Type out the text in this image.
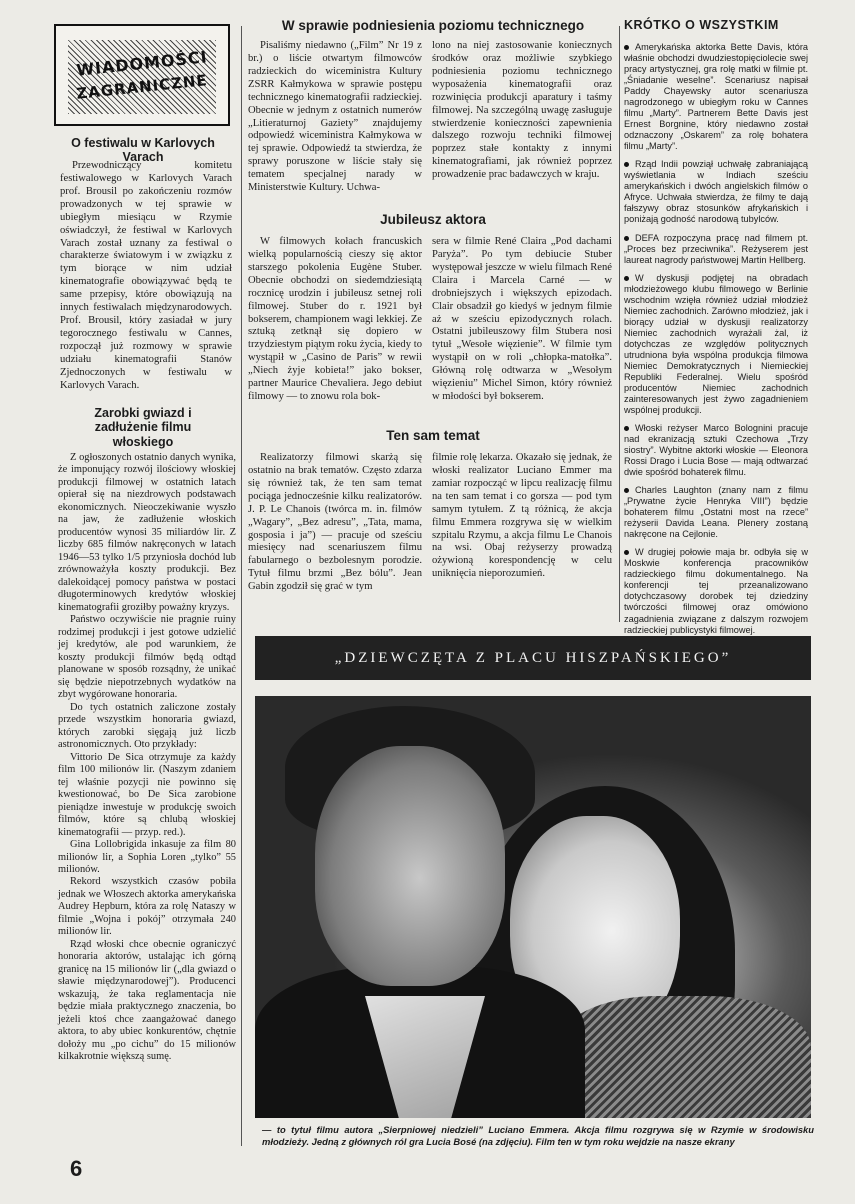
WIADOMOŚCI
ZAGRANICZNE
O festiwalu w Karlovych Varach

Przewodniczący komitetu festiwalowego w Karlovych Varach prof. Brousil po zakończeniu rozmów prowadzonych w tej sprawie w ubiegłym miesiącu w Rzymie oświadczył, że festiwal w Karlovych Varach został uznany za festiwal o charakterze światowym i w związku z tym biorące w nim udział kinematografie obowiązywać będą te same przepisy, które obowiązują na innych festiwalach międzynarodowych. Prof. Brousil, który zasiadał w jury tegorocznego festiwalu w Cannes, rozpoczął już rozmowy w sprawie udziału kinematografii Stanów Zjednoczonych w festiwalu w Karlovych Varach.

Zarobki gwiazd i zadłużenie filmu włoskiego

Z ogłoszonych ostatnio danych wynika, że imponujący rozwój ilościowy włoskiej produkcji filmowej w ostatnich latach opierał się na niezdrowych podstawach ekonomicznych. Nieoczekiwanie wyszło na jaw, że zadłużenie włoskich producentów wynosi 35 miliardów lir. Z liczby 685 filmów nakręconych w latach 1946—53 tylko 1/5 przyniosła dochód lub zrównoważyła koszty produkcji. Bez dalekoidącej pomocy państwa w postaci długoterminowych kredytów włoskiej kinematografii groziłby poważny kryzys.

Państwo oczywiście nie pragnie ruiny rodzimej produkcji i jest gotowe udzielić jej kredytów, ale pod warunkiem, że koszty produkcji filmów będą odtąd planowane w sposób rozsądny, że unikać się będzie niepotrzebnych wydatków na zbyt wygórowane honoraria.

Do tych ostatnich zaliczone zostały przede wszystkim honoraria gwiazd, których zarobki sięgają już liczb astronomicznych. Oto przykłady:

Vittorio De Sica otrzymuje za każdy film 100 milionów lir. (Naszym zdaniem tej właśnie pozycji nie powinno się kwestionować, bo De Sica zarobione pieniądze inwestuje w produkcję swoich filmów, które są chlubą włoskiej kinematografii — przyp. red.).

Gina Lollobrigida inkasuje za film 80 milionów lir, a Sophia Loren „tylko” 55 milionów.

Rekord wszystkich czasów pobiła jednak we Włoszech aktorka amerykańska Audrey Hepburn, która za rolę Nataszy w filmie „Wojna i pokój” otrzymała 240 milionów lir.

Rząd włoski chce obecnie ograniczyć honoraria aktorów, ustalając ich górną granicę na 15 milionów lir („dla gwiazd o sławie międzynarodowej”). Producenci wskazują, że taka reglamentacja nie będzie miała praktycznego znaczenia, bo jeżeli ktoś chce zaangażować danego aktora, to aby ubiec konkurentów, chętnie dołoży mu „po cichu” do 15 milionów kilkakrotnie większą sumę.

W sprawie podniesienia poziomu technicznego

Pisaliśmy niedawno („Film” Nr 19 z br.) o liście otwartym filmowców radzieckich do wiceministra Kultury ZSRR Kałmykowa w sprawie postępu technicznego kinematografii radzieckiej. Obecnie w jednym z ostatnich numerów „Litieraturnoj Gaziety” znajdujemy odpowiedź wiceministra Kałmykowa w tej sprawie. Odpowiedź ta stwierdza, że sprawy poruszone w liście stały się tematem specjalnej narady w Ministerstwie Kultury. Uchwa-

lono na niej zastosowanie koniecznych środków oraz możliwie szybkiego podniesienia poziomu technicznego wyposażenia kinematografii oraz rozwinięcia produkcji aparatury i taśmy filmowej. Na szczególną uwagę zasługuje stwierdzenie konieczności zapewnienia dalszego rozwoju techniki filmowej poprzez stałe kontakty z innymi kinematografiami, jak również poprzez prowadzenie prac badawczych w kraju.

Jubileusz aktora

W filmowych kołach francuskich wielką popularnością cieszy się aktor starszego pokolenia Eugène Stuber. Obecnie obchodzi on siedemdziesiątą rocznicę urodzin i jubileusz setnej roli filmowej. Stuber do r. 1921 był bokserem, championem wagi lekkiej. Ze sztuką zetknął się dopiero w trzydziestym piątym roku życia, kiedy to wystąpił w „Casino de Paris” w rewii „Niech żyje kobieta!” jako bokser, partner Maurice Chevaliera. Jego debiut filmowy — to znowu rola bok-

sera w filmie René Claira „Pod dachami Paryża”. Po tym debiucie Stuber występował jeszcze w wielu filmach René Claira i Marcela Carné — w drobniejszych i większych epizodach. Clair obsadził go kiedyś w jednym filmie aż w sześciu epizodycznych rolach. Ostatni jubileuszowy film Stubera nosi tytuł „Wesołe więzienie”. W filmie tym wystąpił on w roli „chłopka-matołka”. Główną rolę odtwarza w „Wesołym więzieniu” Michel Simon, który również w młodości był bokserem.

Ten sam temat

Realizatorzy filmowi skarżą się ostatnio na brak tematów. Często zdarza się również tak, że ten sam temat pociąga jednocześnie kilku realizatorów. J. P. Le Chanois (twórca m. in. filmów „Wagary”, „Bez adresu”, „Tata, mama, gosposia i ja”) — pracuje od sześciu miesięcy nad scenariuszem filmu fabularnego o bezbolesnym porodzie. Tytuł filmu brzmi „Bez bólu”. Jean Gabin zgodził się grać w tym

filmie rolę lekarza. Okazało się jednak, że włoski realizator Luciano Emmer ma zamiar rozpocząć w lipcu realizację filmu na ten sam temat i co gorsza — pod tym samym tytułem. Z tą różnicą, że akcja filmu Emmera rozgrywa się w wielkim szpitalu Rzymu, a akcja filmu Le Chanois na wsi. Obaj reżyserzy prowadzą ożywioną korespondencję w celu uniknięcia nieporozumień.

KRÓTKO O WSZYSTKIM

Amerykańska aktorka Bette Davis, która właśnie obchodzi dwudziestopięciolecie swej pracy artystycznej, gra rolę matki w filmie pt. „Śniadanie weselne”. Scenariusz napisał Paddy Chayewsky autor scenariusza nagrodzonego w ubiegłym roku w Cannes filmu „Marty”. Partnerem Bette Davis jest Ernest Borgnine, który niedawno został odznaczony „Oskarem” za rolę bohatera filmu „Marty”.

Rząd Indii powziął uchwałę zabraniającą wyświetlania w Indiach sześciu amerykańskich i dwóch angielskich filmów o Afryce. Uchwała stwierdza, że filmy te dają fałszywy obraz stosunków afrykańskich i poniżają godność narodową tubylców.

DEFA rozpoczyna pracę nad filmem pt. „Proces bez przeciwnika”. Reżyserem jest laureat nagrody państwowej Martin Hellberg.

W dyskusji podjętej na obradach młodzieżowego klubu filmowego w Berlinie wschodnim wzięła również udział młodzież Niemiec zachodnich. Zarówno młodzież, jak i biorący udział w dyskusji realizatorzy Niemiec zachodnich wyrażali żal, iż dotychczas ze względów politycznych utrudniona była wspólna produkcja filmowa Niemiec Demokratycznych i Niemieckiej Republiki Federalnej. Wielu spośród producentów Niemiec zachodnich zainteresowanych jest żywo zagadnieniem wspólnej produkcji.

Włoski reżyser Marco Bolognini pracuje nad ekranizacją sztuki Czechowa „Trzy siostry”. Wybitne aktorki włoskie — Eleonora Rossi Drago i Lucia Bose — mają odtwarzać dwie spośród bohaterek filmu.

Charles Laughton (znany nam z filmu „Prywatne życie Henryka VIII”) będzie bohaterem filmu „Ostatni most na rzece” reżyserii Davida Leana. Plenery zostaną nakręcone na Cejlonie.

W drugiej połowie maja br. odbyła się w Moskwie konferencja pracowników radzieckiego filmu dokumentalnego. Na konferencji tej przeanalizowano dotychczasowy dorobek tej dziedziny twórczości filmowej oraz omówiono zagadnienia związane z dalszym rozwojem radzieckiej publicystyki filmowej.

„DZIEWCZĘTA Z PLACU HISZPAŃSKIEGO”
— to tytuł filmu autora „Sierpniowej niedzieli” Luciano Emmera. Akcja filmu rozgrywa się w Rzymie w środowisku młodzieży. Jedną z głównych ról gra Lucia Bosé (na zdjęciu). Film ten w tym roku wejdzie na nasze ekrany
6
